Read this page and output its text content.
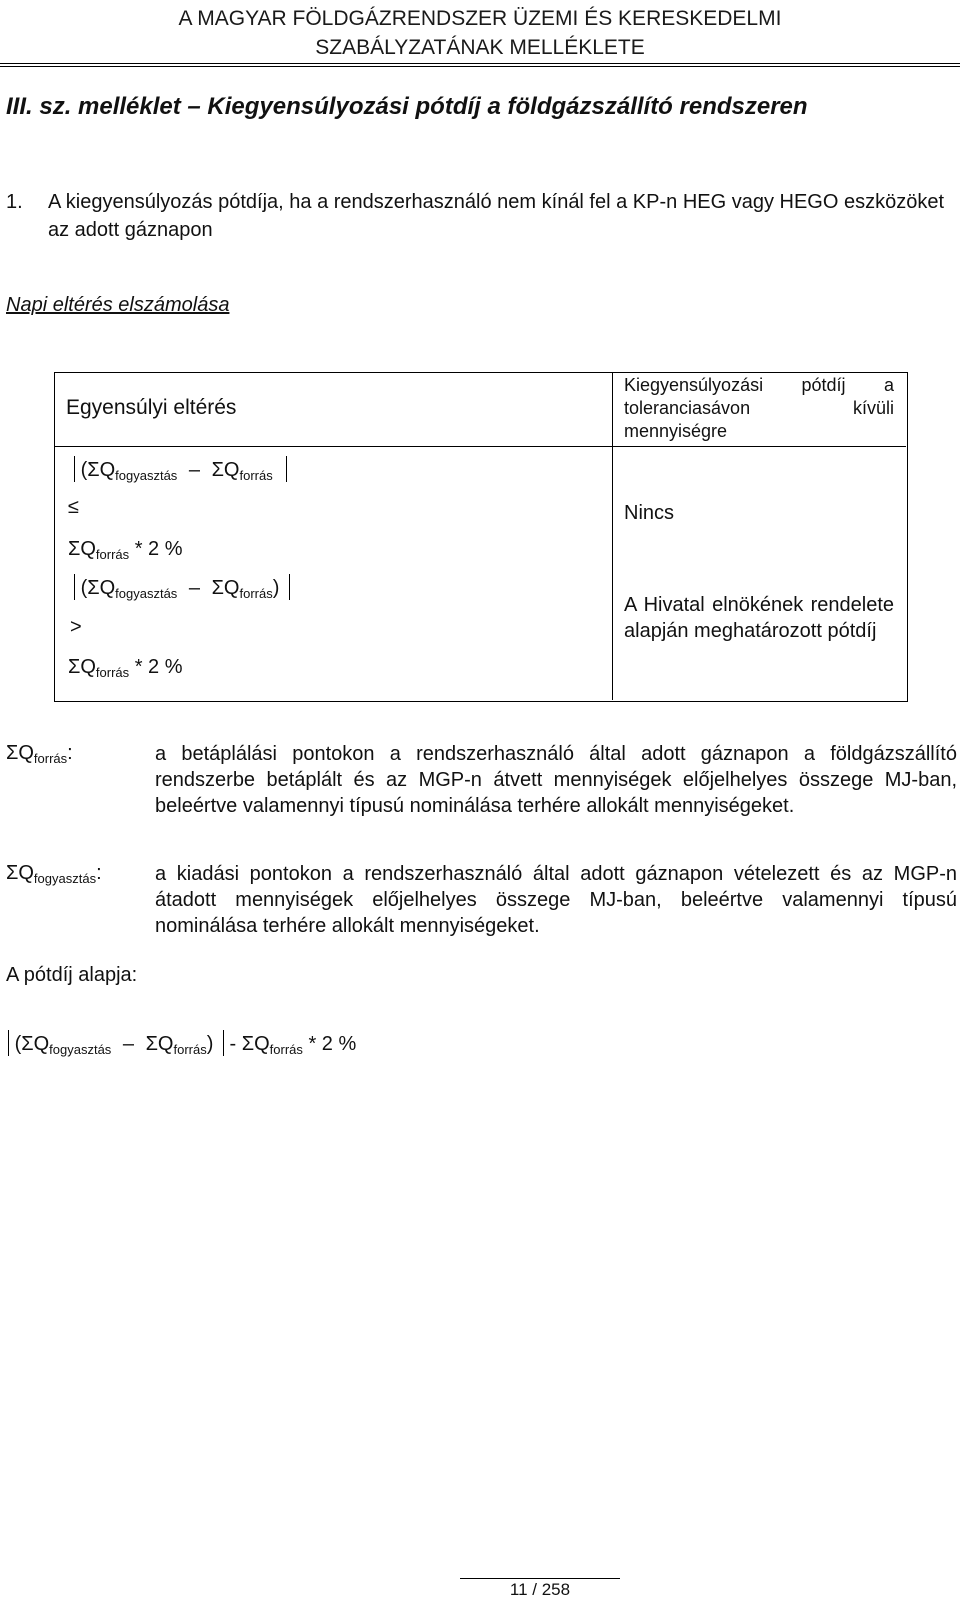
A MAGYAR FÖLDGÁZRENDSZER ÜZEMI ÉS KERESKEDELMI
SZABÁLYZATÁNAK MELLÉKLETE
III. sz. melléklet – Kiegyensúlyozási pótdíj a földgázszállító rendszeren
1. A kiegyensúlyozás pótdíja, ha a rendszerhasználó nem kínál fel a KP-n HEG vagy HEGO eszközöket az adott gáznapon
Napi eltérés elszámolása
Egyensúlyi eltérés
Kiegyensúlyozási pótdíj a toleranciasávon kívüli mennyiségre
($\Sigma Q_{fogyasztás} - \Sigma Q_{forrás}$
≤
$\Sigma Q_{forrás} * 2$ %
Nincs
$(\Sigma Q_{fogyasztás} - \Sigma Q_{forrás})$
>
$\Sigma Q_{forrás} * 2$ %
A Hivatal elnökének rendelete alapján meghatározott pótdíj
$\Sigma Q_{forrás}$:	a betáplálási pontokon a rendszerhasználó által adott gáznapon a földgázszállító rendszerbe betáplált és az MGP-n átvett mennyiségek előjelhelyes összege MJ-ban, beleértve valamennyi típusú nominálása terhére allokált mennyiségeket.
$\Sigma Q_{fogyasztás}$:	a kiadási pontokon a rendszerhasználó által adott gáznapon vételezett és az MGP-n átadott mennyiségek előjelhelyes összege MJ-ban, beleértve valamennyi típusú nominálása terhére allokált mennyiségeket.
A pótdíj alapja:
$(\Sigma Q_{fogyasztás} - \Sigma Q_{forrás}) - \Sigma Q_{forrás} * 2$ %
11 / 258
